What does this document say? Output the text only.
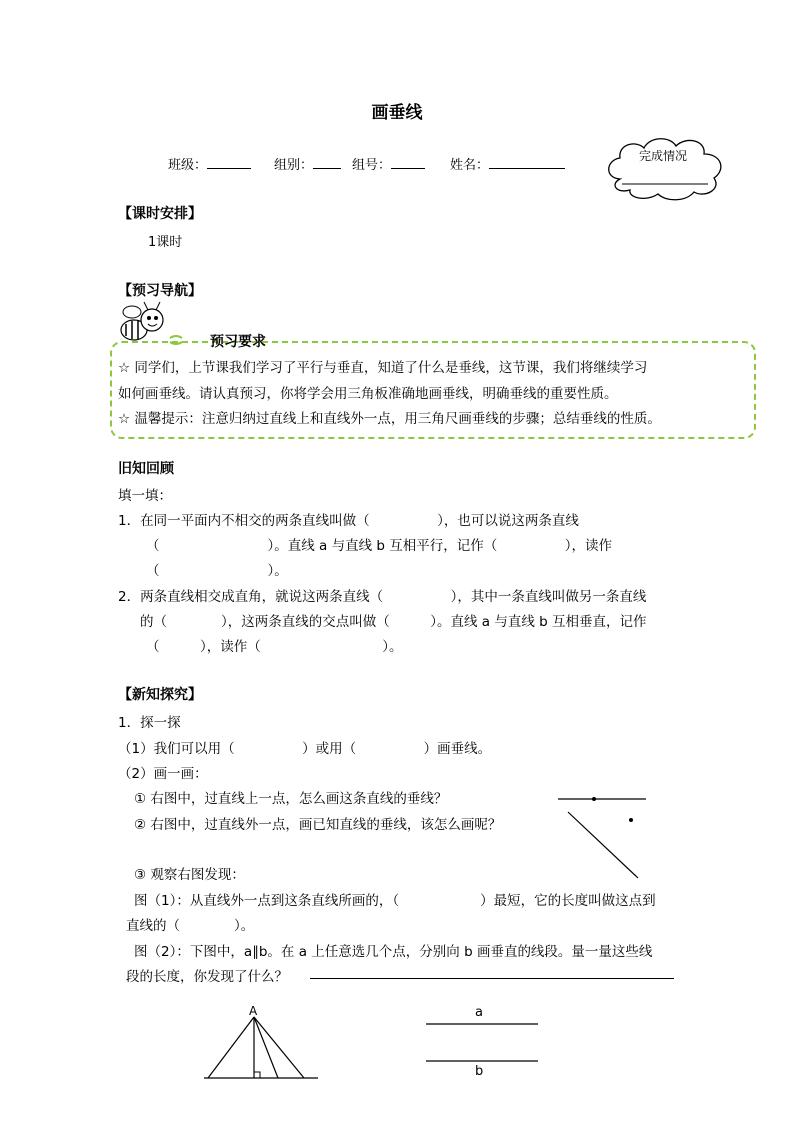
画垂线
班级：	组别：	组号：	姓名：
完成情况
【课时安排】
1课时
【预习导航】
预习要求
☆ 同学们，上节课我们学习了平行与垂直，知道了什么是垂线，这节课，我们将继续学习
如何画垂线。请认真预习，你将学会用三角板准确地画垂线，明确垂线的重要性质。
☆ 温馨提示：注意归纳过直线上和直线外一点，用三角尺画垂线的步骤；总结垂线的性质。
旧知回顾
填一填：
1．在同一平面内不相交的两条直线叫做（　　　　　），也可以说这两条直线
（　　　　　　　　）。直线 a 与直线 b 互相平行，记作（　　　　　），读作
（　　　　　　　　）。
2．两条直线相交成直角，就说这两条直线（　　　　　），其中一条直线叫做另一条直线
的（　　　　），这两条直线的交点叫做（　　　）。直线 a 与直线 b 互相垂直，记作
（　　　），读作（　　　　　　　　　）。
【新知探究】
1．探一探
（1）我们可以用（　　　　　）或用（　　　　　）画垂线。
（2）画一画：
① 右图中，过直线上一点，怎么画这条直线的垂线？
② 右图中，过直线外一点，画已知直线的垂线，该怎么画呢？
③ 观察右图发现：
图（1）：从直线外一点到这条直线所画的，（　　　　　　）最短，它的长度叫做这点到
直线的（　　　　）。
图（2）：下图中，a∥b。在 a 上任意选几个点，分别向 b 画垂直的线段。量一量这些线
段的长度，你发现了什么？
A	a
b
